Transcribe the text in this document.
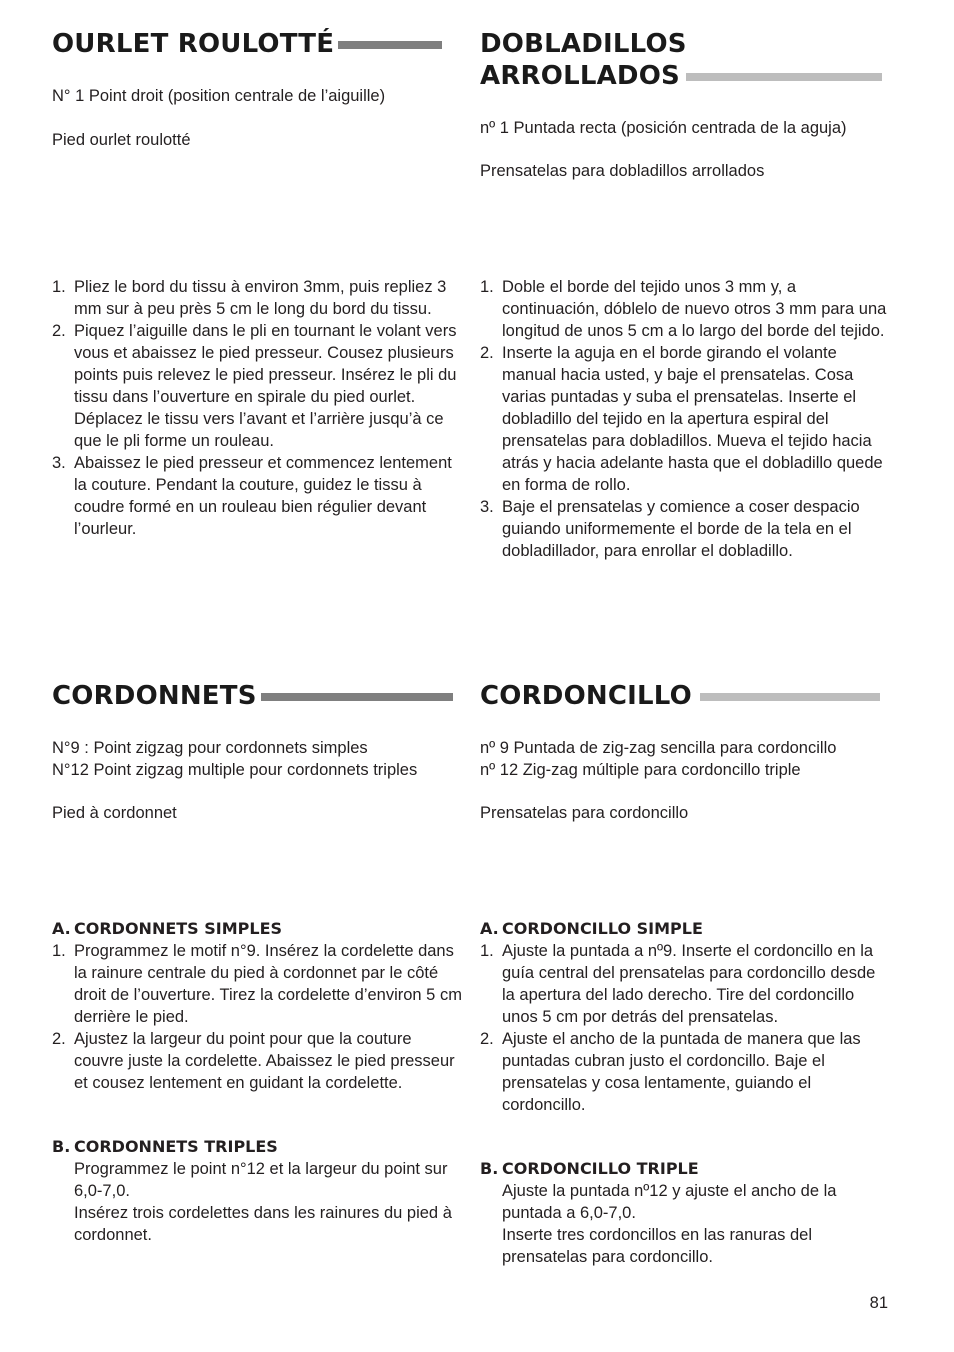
OURLET ROULOTTÉ

N° 1 Point droit (position centrale de l’aiguille)

Pied ourlet roulotté

1. Pliez le bord du tissu à environ 3mm, puis repliez 3 mm sur à peu près 5 cm le long du bord du tissu.
2. Piquez l’aiguille dans le pli en tournant le volant vers vous et abaissez le pied presseur. Cousez plusieurs points puis relevez le pied presseur. Insérez le pli du tissu dans l’ouverture en spirale du pied ourlet. Déplacez le tissu vers l’avant et l’arrière jusqu’à ce que le pli forme un rouleau.
3. Abaissez le pied presseur et commencez lentement la couture. Pendant la couture, guidez le tissu à coudre formé en un rouleau bien régulier devant l’ourleur.
DOBLADILLOS
ARROLLADOS

nº 1 Puntada recta (posición centrada de la aguja)

Prensatelas para dobladillos arrollados

1. Doble el borde del tejido unos 3 mm y, a continuación, dóblelo de nuevo otros 3 mm para una longitud de unos 5 cm a lo largo del borde del tejido.
2. Inserte la aguja en el borde girando el volante manual hacia usted, y baje el prensatelas. Cosa varias puntadas y suba el prensatelas. Inserte el dobladillo del tejido en la apertura espiral del prensatelas para dobladillos. Mueva el tejido hacia atrás y hacia adelante hasta que el dobladillo quede en forma de rollo.
3. Baje el prensatelas y comience a coser despacio guiando uniformemente el borde de la tela en el dobladillador, para enrollar el dobladillo.
CORDONNETS

N°9 : Point zigzag pour cordonnets simples

N°12 Point zigzag multiple pour cordonnets triples

Pied à cordonnet

A. CORDONNETS SIMPLES

1. Programmez le motif n°9. Insérez la cordelette dans la rainure centrale du pied à cordonnet par le côté droit de l’ouverture. Tirez la cordelette d’environ 5 cm derrière le pied.
2. Ajustez la largeur du point pour que la couture couvre juste la cordelette. Abaissez le pied presseur et cousez lentement en guidant la cordelette.

B. CORDONNETS TRIPLES

Programmez le point n°12 et la largeur du point sur 6,0-7,0.

Insérez trois cordelettes dans les rainures du pied à cordonnet.

CORDONCILLO

nº 9 Puntada de zig-zag sencilla para cordoncillo

nº 12 Zig-zag múltiple para cordoncillo triple

Prensatelas para cordoncillo

A. CORDONCILLO SIMPLE

1. Ajuste la puntada a nº9. Inserte el cordoncillo en la guía central del prensatelas para cordoncillo desde la apertura del lado derecho. Tire del cordoncillo unos 5 cm por detrás del prensatelas.
2. Ajuste el ancho de la puntada de manera que las puntadas cubran justo el cordoncillo. Baje el prensatelas y cosa lentamente, guiando el cordoncillo.

B. CORDONCILLO TRIPLE

Ajuste la puntada nº12 y ajuste el ancho de la puntada a 6,0-7,0.

Inserte tres cordoncillos en las ranuras del prensatelas para cordoncillo.

81
